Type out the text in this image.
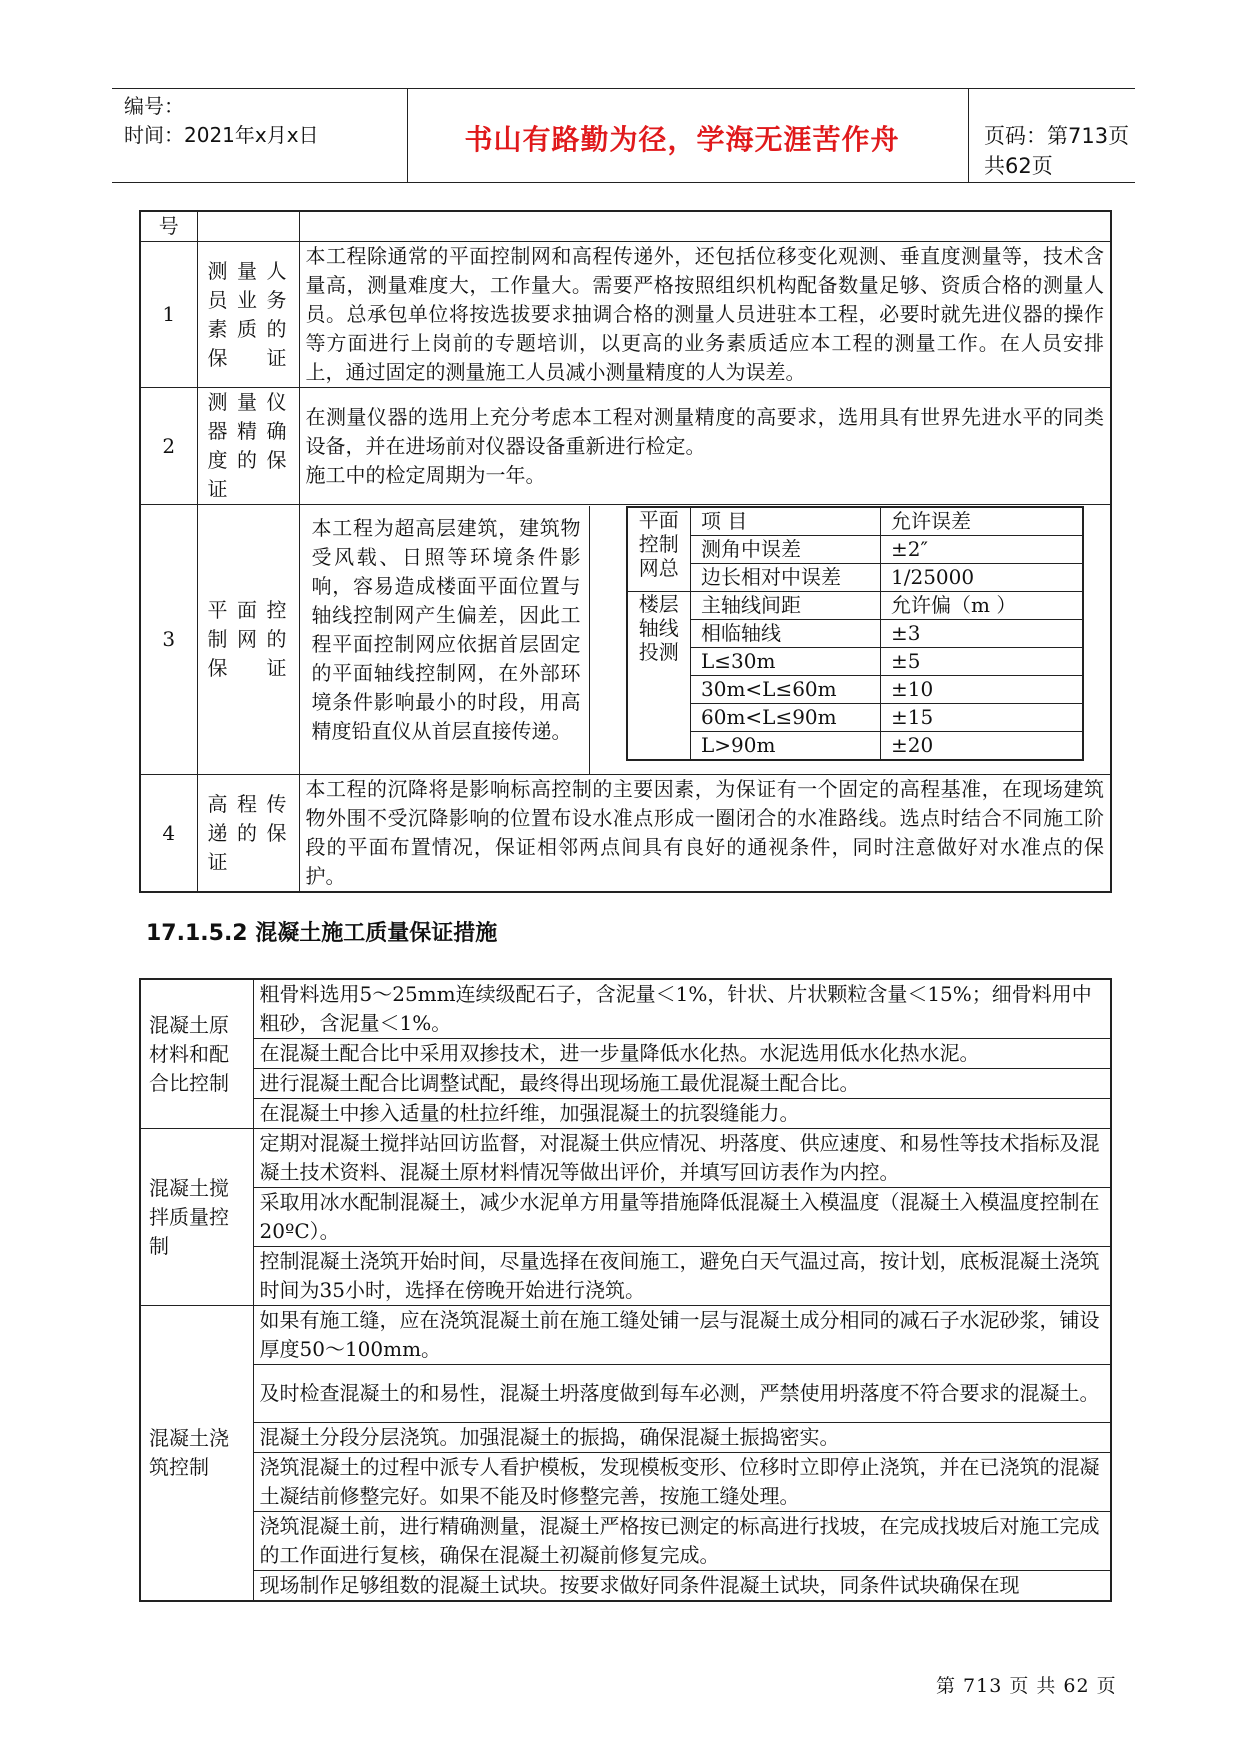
编号：
时间：2021年x月x日	书山有路勤为径，学海无涯苦作舟	页码：第713页 共62页
号		
1	测量人员业务素质的保证	本工程除通常的平面控制网和高程传递外，还包括位移变化观测、垂直度测量等，技术含量高，测量难度大，工作量大。需要严格按照组织机构配备数量足够、资质合格的测量人员。总承包单位将按选拔要求抽调合格的测量人员进驻本工程，必要时就先进仪器的操作等方面进行上岗前的专题培训，以更高的业务素质适应本工程的测量工作。在人员安排上，通过固定的测量施工人员减小测量精度的人为误差。
2	测量仪器精确度的保证	
在测量仪器的选用上充分考虑本工程对测量精度的高要求，选用具有世界先进水平的同类设备，并在进场前对仪器设备重新进行检定。
施工中的检定周期为一年。

3	平面控制网的保证	
本工程为超高层建筑，建筑物受风载、日照等环境条件影响，容易造成楼面平面位置与轴线控制网产生偏差，因此工程平面控制网应依据首层固定的平面轴线控制网，在外部环境条件影响最小的时段，用高精度铅直仪从首层直接传递。
平面控制网总	项 目	允许误差
测角中误差	±2″
边长相对中误差	1/25000
楼层轴线投测	主轴线间距	允许偏（m ）
相临轴线	±3
L≤30m	±5
30m<L≤60m	±10
60m<L≤90m	±15
L>90m	±20

4	高程传递的保证	本工程的沉降将是影响标高控制的主要因素，为保证有一个固定的高程基准，在现场建筑物外围不受沉降影响的位置布设水准点形成一圈闭合的水准路线。选点时结合不同施工阶段的平面布置情况，保证相邻两点间具有良好的通视条件，同时注意做好对水准点的保护。
17.1.5.2 混凝土施工质量保证措施
混凝土原材料和配合比控制	粗骨料选用5～25mm连续级配石子，含泥量＜1%，针状、片状颗粒含量＜15%；细骨料用中粗砂，含泥量＜1%。
	在混凝土配合比中采用双掺技术，进一步量降低水化热。水泥选用低水化热水泥。
	进行混凝土配合比调整试配，最终得出现场施工最优混凝土配合比。
	在混凝土中掺入适量的杜拉纤维，加强混凝土的抗裂缝能力。
混凝土搅拌质量控制	定期对混凝土搅拌站回访监督，对混凝土供应情况、坍落度、供应速度、和易性等技术指标及混凝土技术资料、混凝土原材料情况等做出评价，并填写回访表作为内控。
	采取用冰水配制混凝土，减少水泥单方用量等措施降低混凝土入模温度（混凝土入模温度控制在20ºC）。
	控制混凝土浇筑开始时间，尽量选择在夜间施工，避免白天气温过高，按计划，底板混凝土浇筑时间为35小时，选择在傍晚开始进行浇筑。
混凝土浇筑控制	如果有施工缝，应在浇筑混凝土前在施工缝处铺一层与混凝土成分相同的减石子水泥砂浆，铺设厚度50～100mm。
	及时检查混凝土的和易性，混凝土坍落度做到每车必测，严禁使用坍落度不符合要求的混凝土。
	混凝土分段分层浇筑。加强混凝土的振捣，确保混凝土振捣密实。
	浇筑混凝土的过程中派专人看护模板，发现模板变形、位移时立即停止浇筑，并在已浇筑的混凝土凝结前修整完好。如果不能及时修整完善，按施工缝处理。
	浇筑混凝土前，进行精确测量，混凝土严格按已测定的标高进行找坡，在完成找坡后对施工完成的工作面进行复核，确保在混凝土初凝前修复完成。
	现场制作足够组数的混凝土试块。按要求做好同条件混凝土试块，同条件试块确保在现
第 713 页 共 62 页
